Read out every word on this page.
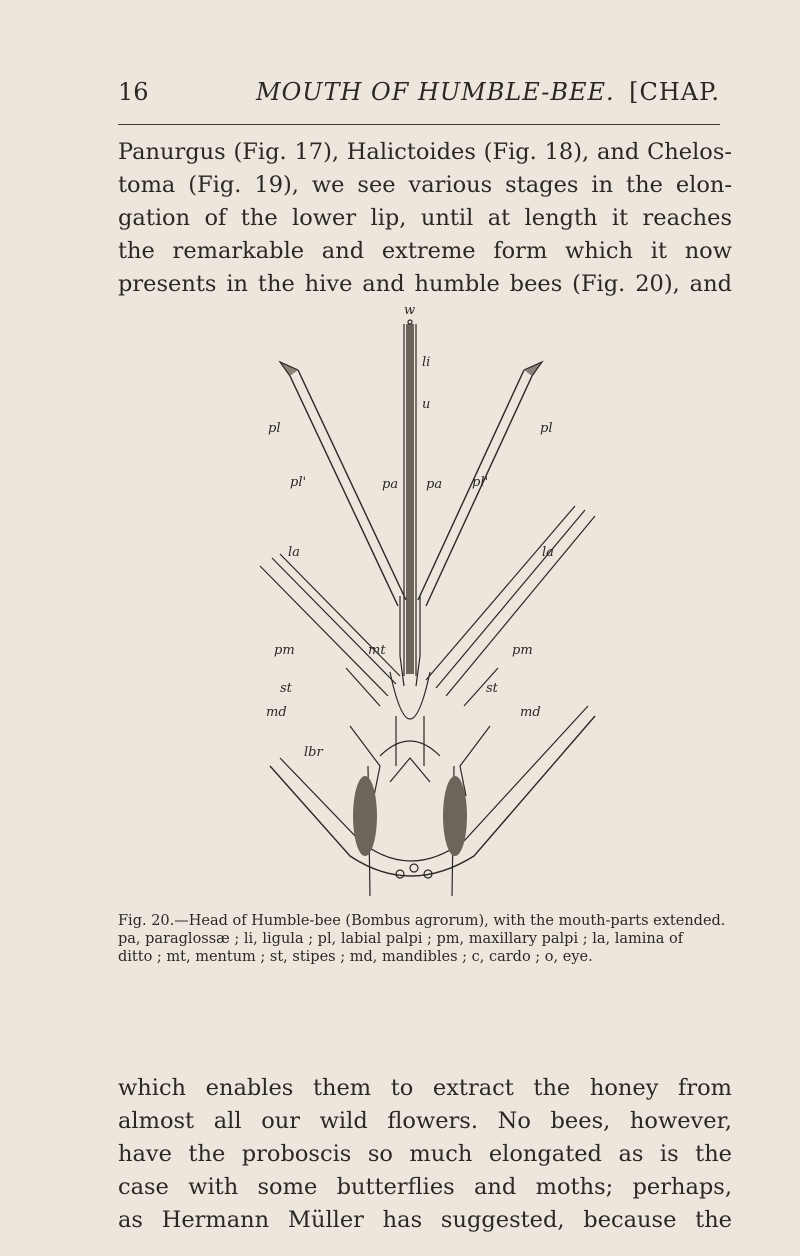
16	MOUTH OF HUMBLE-BEE. [CHAP.
Panurgus (Fig. 17), Halictoides (Fig. 18), and Chelos-
toma (Fig. 19), we see various stages in the elon-
gation of the lower lip, until at length it reaches
the remarkable and extreme form which it now
presents in the hive and humble bees (Fig. 20), and
w
li
u
pl	pl
pl'	pl'
pa pa
la	la
pm	pm
mt
st	st
md	md
lbr
Fig. 20.—Head of Humble-bee (Bombus agrorum), with the mouth-parts extended.
pa, paraglossæ ; li, ligula ; pl, labial palpi ; pm, maxillary palpi ; la, lamina of
ditto ; mt, mentum ; st, stipes ; md, mandibles ; c, cardo ; o, eye.
which enables them to extract the honey from
almost all our wild flowers. No bees, however,
have the proboscis so much elongated as is the
case with some butterflies and moths; perhaps,
as Hermann Müller has suggested, because the
